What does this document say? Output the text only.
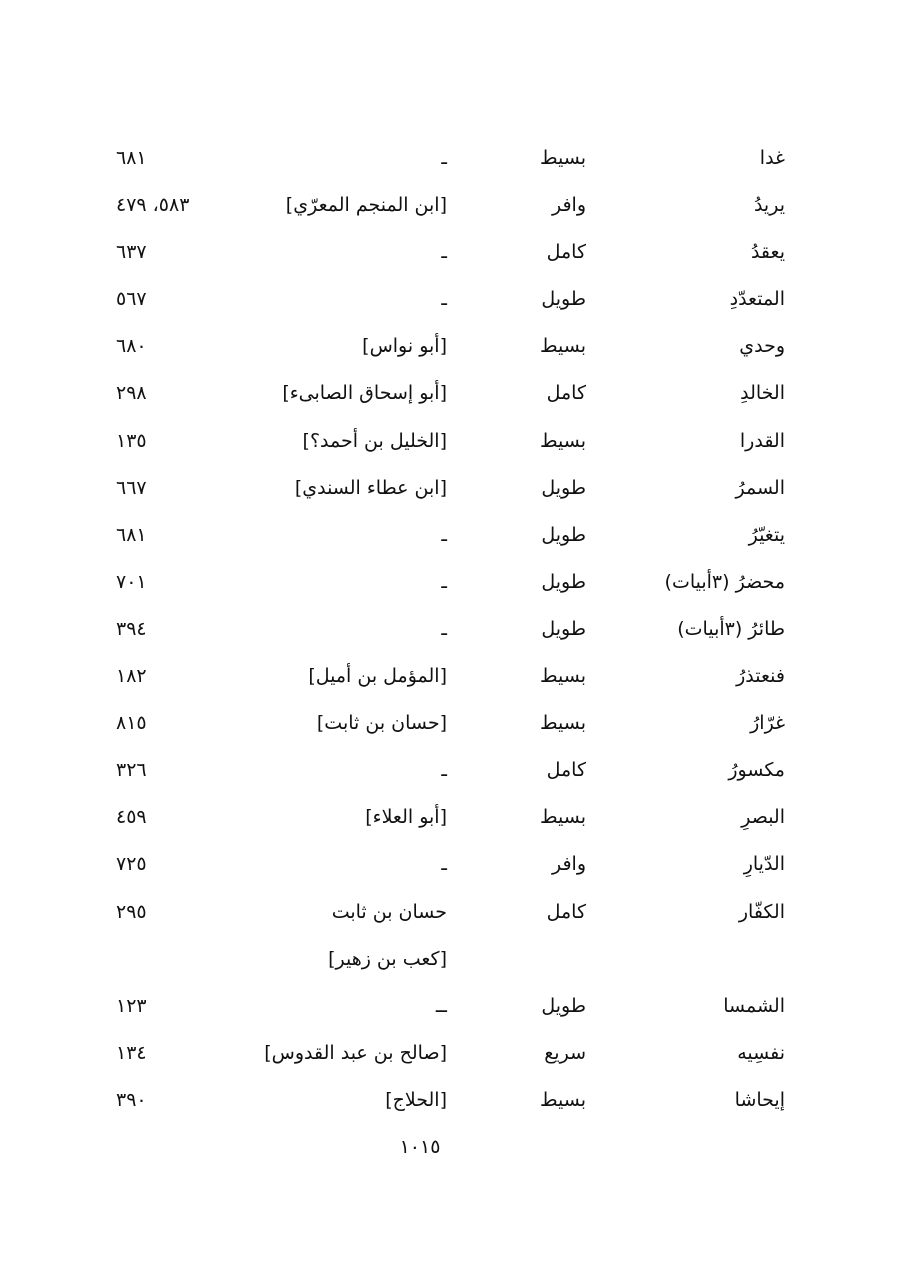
غدا
بسيط
ـ
٦٨١
يريدُ
وافر
[ابن المنجم المعرّي]
٥٨٣، ٤٧٩
يعقدُ
كامل
ـ
٦٣٧
المتعدّدِ
طويل
ـ
٥٦٧
وحدي
بسيط
[أبو نواس]
٦٨٠
الخالدِ
كامل
[أبو إسحاق الصابىء]
٢٩٨
القدرا
بسيط
[الخليل بن أحمد؟]
١٣٥
السمرُ
طويل
[ابن عطاء السندي]
٦٦٧
يتغيّرُ
طويل
ـ
٦٨١
محضرُ (٣أبيات)
طويل
ـ
٧٠١
طائرُ (٣أبيات)
طويل
ـ
٣٩٤
فنعتذرُ
بسيط
[المؤمل بن أميل]
١٨٢
غرّارُ
بسيط
[حسان بن ثابت]
٨١٥
مكسورُ
كامل
ـ
٣٢٦
البصرِ
بسيط
[أبو العلاء]
٤٥٩
الدّيارِ
وافر
ـ
٧٢٥
الكفّار
كامل
حسان بن ثابت
٢٩٥
[كعب بن زهير]
الشمسا
طويل
ــ
١٢٣
نفسِيه
سريع
[صالح بن عبد القدوس]
١٣٤
إيحاشا
بسيط
[الحلاج]
٣٩٠
١٠١٥
